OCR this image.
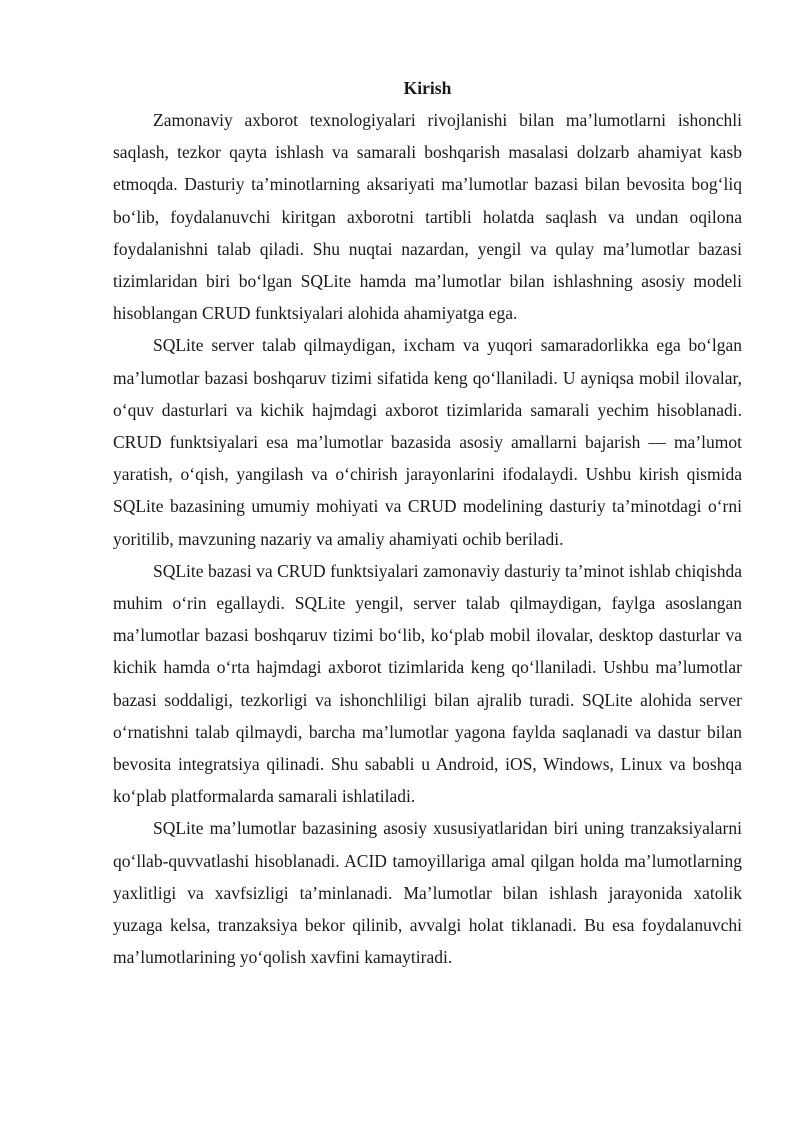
Kirish

Zamonaviy axborot texnologiyalari rivojlanishi bilan ma’lumotlarni ishonchli saqlash, tezkor qayta ishlash va samarali boshqarish masalasi dolzarb ahamiyat kasb etmoqda. Dasturiy ta’minotlarning aksariyati ma’lumotlar bazasi bilan bevosita bog‘liq bo‘lib, foydalanuvchi kiritgan axborotni tartibli holatda saqlash va undan oqilona foydalanishni talab qiladi. Shu nuqtai nazardan, yengil va qulay ma’lumotlar bazasi tizimlaridan biri bo‘lgan SQLite hamda ma’lumotlar bilan ishlashning asosiy modeli hisoblangan CRUD funktsiyalari alohida ahamiyatga ega.

SQLite server talab qilmaydigan, ixcham va yuqori samaradorlikka ega bo‘lgan ma’lumotlar bazasi boshqaruv tizimi sifatida keng qo‘llaniladi. U ayniqsa mobil ilovalar, o‘quv dasturlari va kichik hajmdagi axborot tizimlarida samarali yechim hisoblanadi. CRUD funktsiyalari esa ma’lumotlar bazasida asosiy amallarni bajarish — ma’lumot yaratish, o‘qish, yangilash va o‘chirish jarayonlarini ifodalaydi. Ushbu kirish qismida SQLite bazasining umumiy mohiyati va CRUD modelining dasturiy ta’minotdagi o‘rni yoritilib, mavzuning nazariy va amaliy ahamiyati ochib beriladi.

SQLite bazasi va CRUD funktsiyalari zamonaviy dasturiy ta’minot ishlab chiqishda muhim o‘rin egallaydi. SQLite yengil, server talab qilmaydigan, faylga asoslangan ma’lumotlar bazasi boshqaruv tizimi bo‘lib, ko‘plab mobil ilovalar, desktop dasturlar va kichik hamda o‘rta hajmdagi axborot tizimlarida keng qo‘llaniladi. Ushbu ma’lumotlar bazasi soddaligi, tezkorligi va ishonchliligi bilan ajralib turadi. SQLite alohida server o‘rnatishni talab qilmaydi, barcha ma’lumotlar yagona faylda saqlanadi va dastur bilan bevosita integratsiya qilinadi. Shu sababli u Android, iOS, Windows, Linux va boshqa ko‘plab platformalarda samarali ishlatiladi.

SQLite ma’lumotlar bazasining asosiy xususiyatlaridan biri uning tranzaksiyalarni qo‘llab-quvvatlashi hisoblanadi. ACID tamoyillariga amal qilgan holda ma’lumotlarning yaxlitligi va xavfsizligi ta’minlanadi. Ma’lumotlar bilan ishlash jarayonida xatolik yuzaga kelsa, tranzaksiya bekor qilinib, avvalgi holat tiklanadi. Bu esa foydalanuvchi ma’lumotlarining yo‘qolish xavfini kamaytiradi.
